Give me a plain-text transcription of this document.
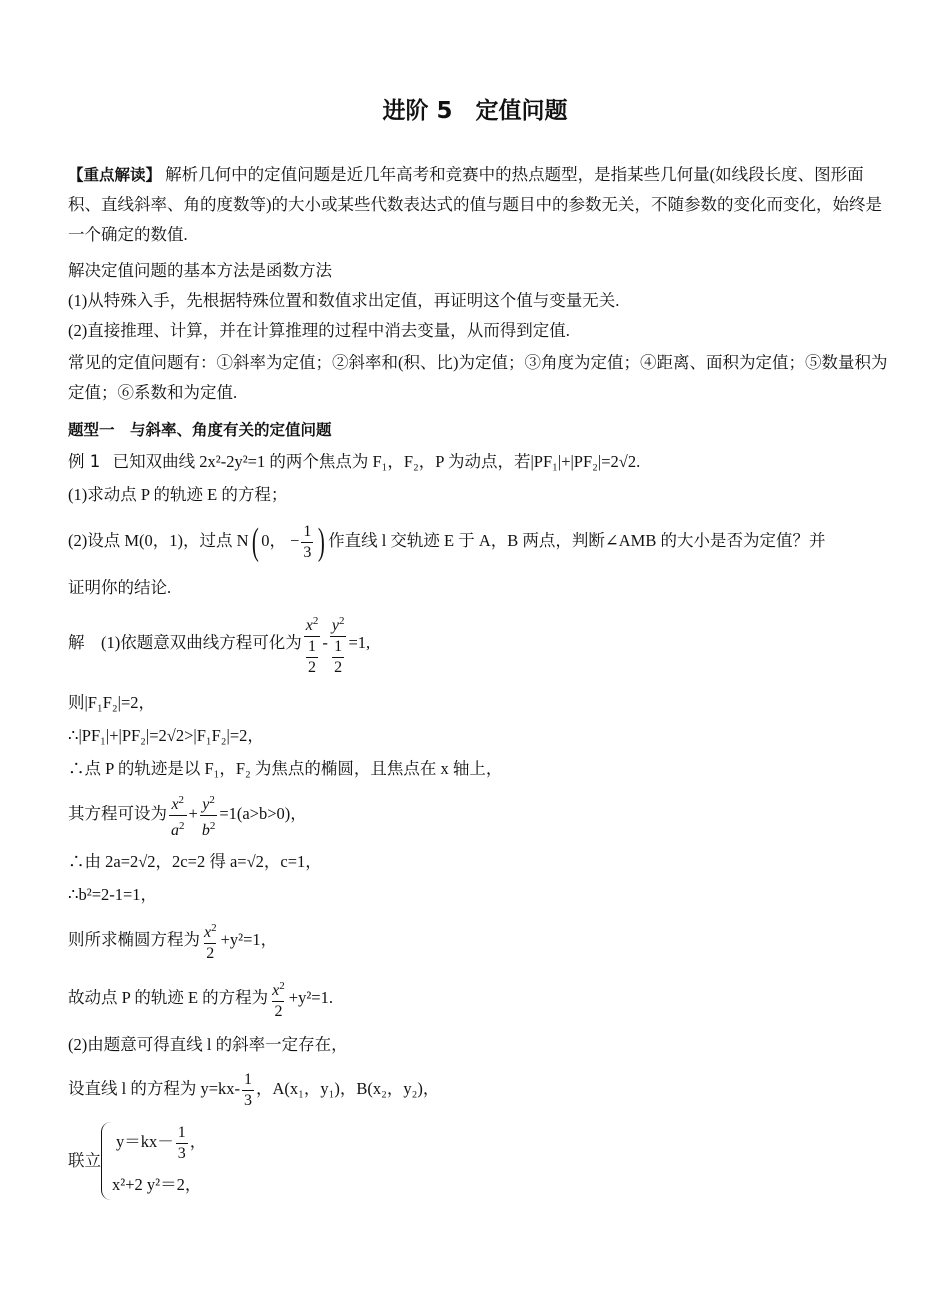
进阶 5　定值问题
【重点解读】 解析几何中的定值问题是近几年高考和竞赛中的热点题型，是指某些几何量(如线段长度、图形面积、直线斜率、角的度数等)的大小或某些代数表达式的值与题目中的参数无关，不随参数的变化而变化，始终是一个确定的数值.
解决定值问题的基本方法是函数方法
(1)从特殊入手，先根据特殊位置和数值求出定值，再证明这个值与变量无关.
(2)直接推理、计算，并在计算推理的过程中消去变量，从而得到定值.
常见的定值问题有：①斜率为定值；②斜率和(积、比)为定值；③角度为定值；④距离、面积为定值；⑤数量积为定值；⑥系数和为定值.
题型一　与斜率、角度有关的定值问题
例 1 已知双曲线 2x²-2y²=1 的两个焦点为 F₁，F₂，P 为动点，若|PF₁|+|PF₂|=2√2.
(1)求动点 P 的轨迹 E 的方程；
(2)设点 M(0，1)，过点 N( 0， − $\frac{1}{3}$ ) 作直线 l 交轨迹 E 于 A，B 两点，判断∠AMB 的大小是否为定值？并
证明你的结论.
解 (1)依题意双曲线方程可化为 $\frac{x^2}{\frac{1}{2}} - \frac{y^2}{\frac{1}{2}} =1$,
则|F₁F₂|=2，
∴|PF₁|+|PF₂|=2√2>|F₁F₂|=2，
∴点 P 的轨迹是以 F₁，F₂ 为焦点的椭圆，且焦点在 x 轴上，
其方程可设为 $\frac{x^2}{a^2} + \frac{y^2}{b^2} =1(a>b>0)$，
∴由 2a=2√2，2c=2 得 a=√2，c=1，
∴b²=2-1=1，
则所求椭圆方程为 $\frac{x^2}{2} +y^2=1$，
故动点 P 的轨迹 E 的方程为 $\frac{x^2}{2} +y^2=1$.
(2)由题意可得直线 l 的斜率一定存在，
设直线 l 的方程为 $y=kx- \frac{1}{3}$ ，A(x₁，y₁)，B(x₂，y₂)，
联立
$y=kx- \frac{1}{3}$ ，
x²+2 y²＝2，
